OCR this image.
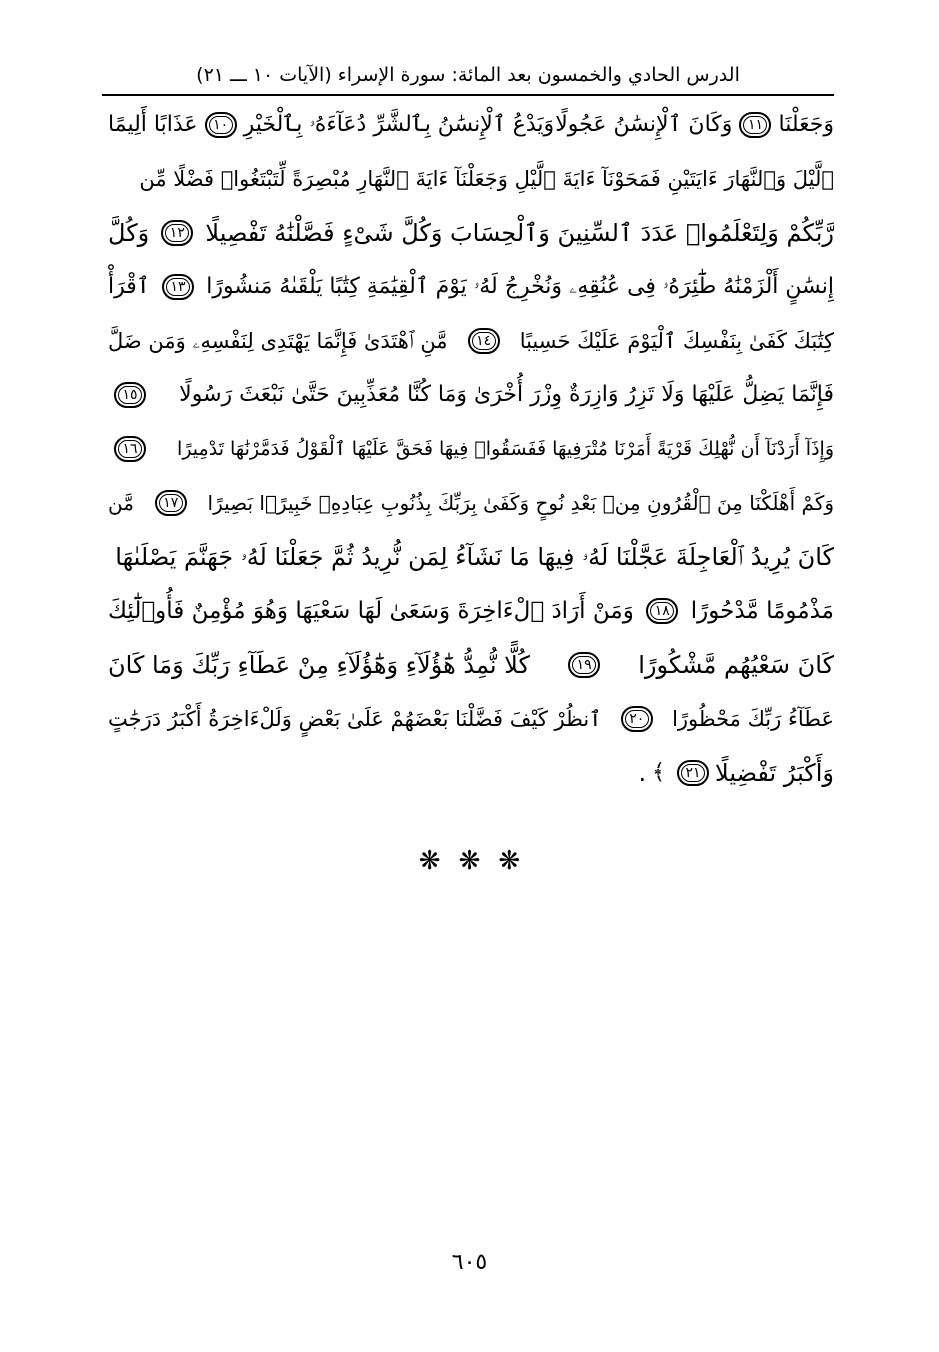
الدرس الحادي والخمسون بعد المائة: سورة الإسراء (الآيات ١٠ ـــ ٢١)
وَجَعَلْنَا
١١
وَكَانَ ٱلْإِنسَٰنُ عَجُولًا
وَيَدْعُ ٱلْإِنسَٰنُ بِٱلشَّرِّ دُعَآءَهُۥ بِٱلْخَيْرِ
١٠
عَذَابًا أَلِيمًا
ٱلَّيْلَ وَٱلنَّهَارَ ءَايَتَيْنِ فَمَحَوْنَآ ءَايَةَ ٱلَّيْلِ وَجَعَلْنَآ ءَايَةَ ٱلنَّهَارِ مُبْصِرَةً لِّتَبْتَغُوا۟ فَضْلًا مِّن
رَّبِّكُمْ وَلِتَعْلَمُوا۟ عَدَدَ ٱلسِّنِينَ وَٱلْحِسَابَ وَكُلَّ شَىْءٍ فَصَّلْنَٰهُ تَفْصِيلًا
١٢
وَكُلَّ
إِنسَٰنٍ أَلْزَمْنَٰهُ طَٰٓئِرَهُۥ فِى عُنُقِهِۦ وَنُخْرِجُ لَهُۥ يَوْمَ ٱلْقِيَٰمَةِ كِتَٰبًا يَلْقَىٰهُ مَنشُورًا
١٣
ٱقْرَأْ
كِتَٰبَكَ كَفَىٰ بِنَفْسِكَ ٱلْيَوْمَ عَلَيْكَ حَسِيبًا
١٤
مَّنِ ٱهْتَدَىٰ فَإِنَّمَا يَهْتَدِى لِنَفْسِهِۦ وَمَن ضَلَّ
فَإِنَّمَا يَضِلُّ عَلَيْهَا وَلَا تَزِرُ وَازِرَةٌ وِزْرَ أُخْرَىٰ وَمَا كُنَّا مُعَذِّبِينَ حَتَّىٰ نَبْعَثَ رَسُولًا
١٥
وَإِذَآ أَرَدْنَآ أَن نُّهْلِكَ قَرْيَةً أَمَرْنَا مُتْرَفِيهَا فَفَسَقُوا۟ فِيهَا فَحَقَّ عَلَيْهَا ٱلْقَوْلُ فَدَمَّرْنَٰهَا تَدْمِيرًا
١٦
وَكَمْ أَهْلَكْنَا مِنَ ٱلْقُرُونِ مِنۢ بَعْدِ نُوحٍ وَكَفَىٰ بِرَبِّكَ بِذُنُوبِ عِبَادِهِۦ خَبِيرًۢا بَصِيرًا
١٧
مَّن
كَانَ يُرِيدُ ٱلْعَاجِلَةَ عَجَّلْنَا لَهُۥ فِيهَا مَا نَشَآءُ لِمَن نُّرِيدُ ثُمَّ جَعَلْنَا لَهُۥ جَهَنَّمَ يَصْلَىٰهَا
مَذْمُومًا مَّدْحُورًا
١٨
وَمَنْ أَرَادَ ٱلْءَاخِرَةَ وَسَعَىٰ لَهَا سَعْيَهَا وَهُوَ مُؤْمِنٌ فَأُو۟لَٰٓئِكَ
كَانَ سَعْيُهُم مَّشْكُورًا
١٩
كُلًّا نُّمِدُّ هَٰٓؤُلَآءِ وَهَٰٓؤُلَآءِ مِنْ عَطَآءِ رَبِّكَ وَمَا كَانَ
عَطَآءُ رَبِّكَ مَحْظُورًا
٢٠
ٱنظُرْ كَيْفَ فَضَّلْنَا بَعْضَهُمْ عَلَىٰ بَعْضٍ وَلَلْءَاخِرَةُ أَكْبَرُ دَرَجَٰتٍ
وَأَكْبَرُ تَفْضِيلًا
٢١
﴾
.
❋ ❋ ❋
٦٠٥
